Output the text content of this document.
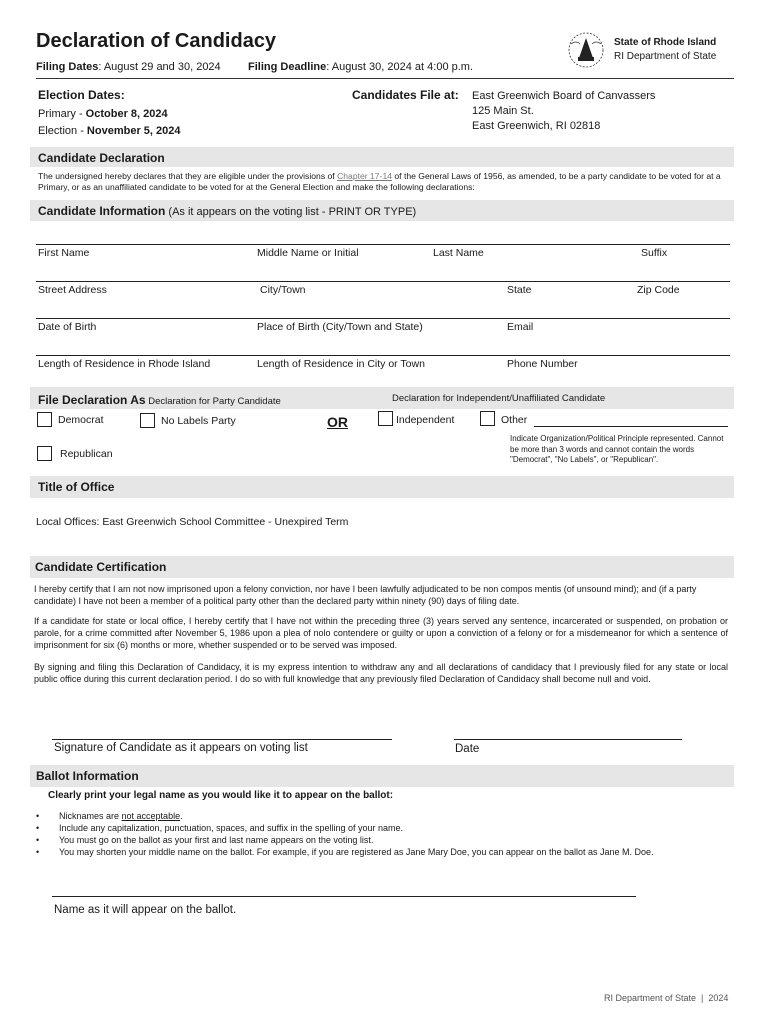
Declaration of Candidacy
Filing Dates: August 29 and 30, 2024 Filing Deadline: August 30, 2024 at 4:00 p.m.
State of Rhode Island
RI Department of State
Election Dates:
Primary - October 8, 2024
Election - November 5, 2024
Candidates File at: East Greenwich Board of Canvassers
125 Main St.
East Greenwich, RI 02818
Candidate Declaration
The undersigned hereby declares that they are eligible under the provisions of Chapter 17-14 of the General Laws of 1956, as amended, to be a party candidate to be voted for at a Primary, or as an unaffiliated candidate to be voted for at the General Election and make the following declarations:
Candidate Information (As it appears on the voting list - PRINT OR TYPE)
First Name	Middle Name or Initial	Last Name	Suffix
Street Address	City/Town	State	Zip Code
Date of Birth	Place of Birth (City/Town and State)	Email
Length of Residence in Rhode Island	Length of Residence in City or Town	Phone Number
File Declaration As Declaration for Party Candidate	Declaration for Independent/Unaffiliated Candidate
Democrat	No Labels Party
Republican
OR	Independent	Other
Indicate Organization/Political Principle represented. Cannot be more than 3 words and cannot contain the words "Democrat", "No Labels", or "Republican".
Title of Office
Local Offices: East Greenwich School Committee - Unexpired Term
Candidate Certification
I hereby certify that I am not now imprisoned upon a felony conviction, nor have I been lawfully adjudicated to be non compos mentis (of unsound mind); and (if a party candidate) I have not been a member of a political party other than the declared party within ninety (90) days of filing date.
If a candidate for state or local office, I hereby certify that I have not within the preceding three (3) years served any sentence, incarcerated or suspended, on probation or parole, for a crime committed after November 5, 1986 upon a plea of nolo contendere or guilty or upon a conviction of a felony or for a misdemeanor for which a sentence of imprisonment for six (6) months or more, whether suspended or to be served was imposed.
By signing and filing this Declaration of Candidacy, it is my express intention to withdraw any and all declarations of candidacy that I previously filed for any state or local public office during this current declaration period. I do so with full knowledge that any previously filed Declaration of Candidacy shall become null and void.
Signature of Candidate as it appears on voting list	Date
Ballot Information
Clearly print your legal name as you would like it to appear on the ballot:
• Nicknames are not acceptable.
• Include any capitalization, punctuation, spaces, and suffix in the spelling of your name.
• You must go on the ballot as your first and last name appears on the voting list.
• You may shorten your middle name on the ballot. For example, if you are registered as Jane Mary Doe, you can appear on the ballot as Jane M. Doe.
Name as it will appear on the ballot.
RI Department of State  |  2024
